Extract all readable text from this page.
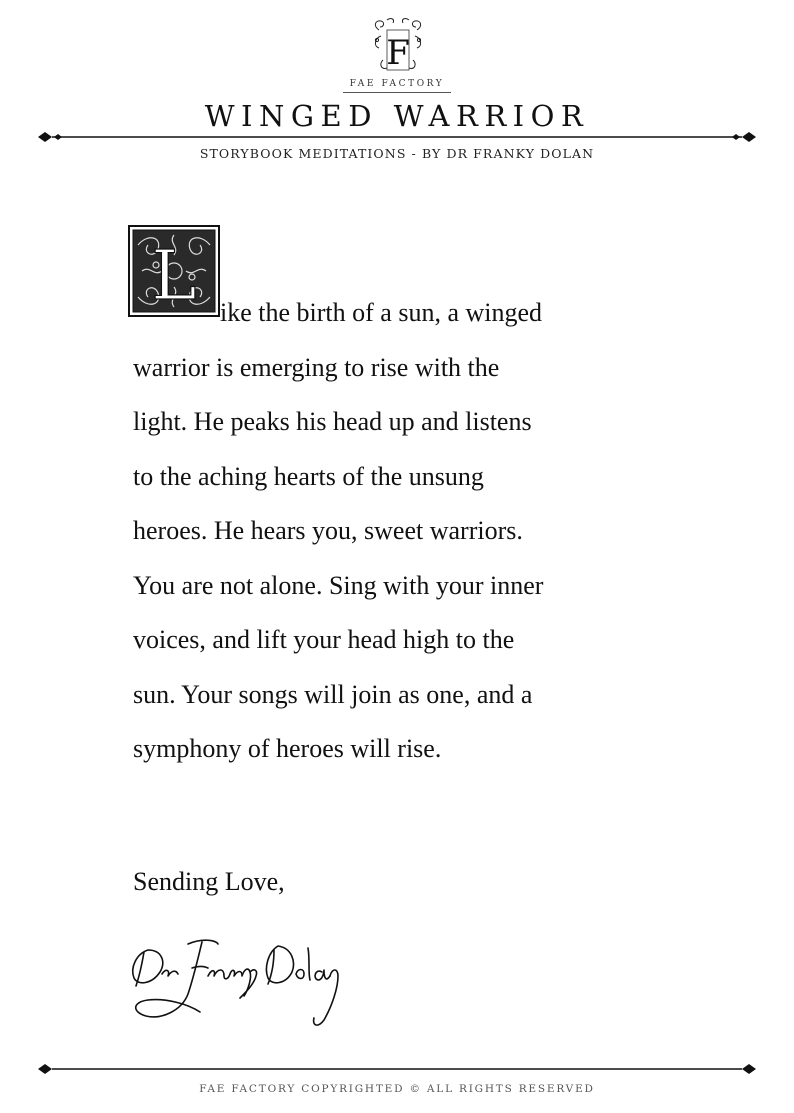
F
FAE FACTORY
WINGED WARRIOR
STORYBOOK MEDITATIONS - BY DR FRANKY DOLAN
L ike the birth of a sun, a winged
warrior is emerging to rise with the
light. He peaks his head up and listens
to the aching hearts of the unsung
heroes. He hears you, sweet warriors.
You are not alone. Sing with your inner
voices, and lift your head high to the
sun. Your songs will join as one, and a
symphony of heroes will rise.
Sending Love,
FAE FACTORY COPYRIGHTED © ALL RIGHTS RESERVED
